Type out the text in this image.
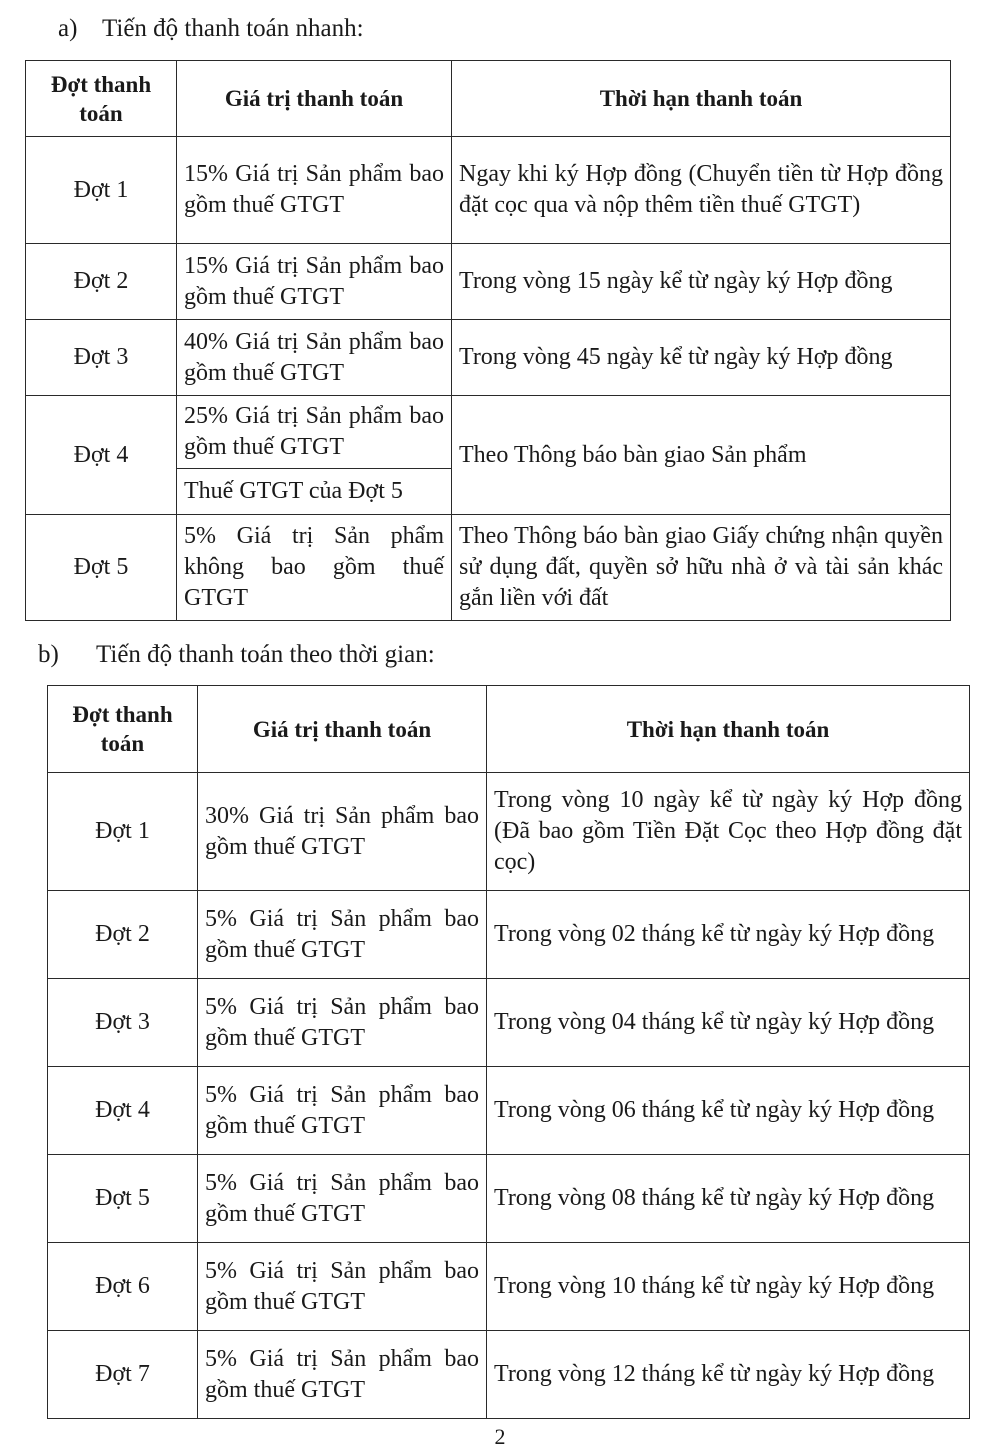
a) Tiến độ thanh toán nhanh:
Đợt thanh toán	Giá trị thanh toán	Thời hạn thanh toán
Đợt 1	15% Giá trị Sản phẩm bao gồm thuế GTGT	Ngay khi ký Hợp đồng (Chuyển tiền từ Hợp đồng đặt cọc qua và nộp thêm tiền thuế GTGT)
Đợt 2	15% Giá trị Sản phẩm bao gồm thuế GTGT	Trong vòng 15 ngày kể từ ngày ký Hợp đồng
Đợt 3	40% Giá trị Sản phẩm bao gồm thuế GTGT	Trong vòng 45 ngày kể từ ngày ký Hợp đồng
Đợt 4	25% Giá trị Sản phẩm bao gồm thuế GTGT	Theo Thông báo bàn giao Sản phẩm
	Thuế GTGT của Đợt 5	
Đợt 5	5% Giá trị Sản phẩm không bao gồm thuế GTGT	Theo Thông báo bàn giao Giấy chứng nhận quyền sử dụng đất, quyền sở hữu nhà ở và tài sản khác gắn liền với đất
b) Tiến độ thanh toán theo thời gian:
Đợt thanh toán	Giá trị thanh toán	Thời hạn thanh toán
Đợt 1	30% Giá trị Sản phẩm bao gồm thuế GTGT	Trong vòng 10 ngày kể từ ngày ký Hợp đồng (Đã bao gồm Tiền Đặt Cọc theo Hợp đồng đặt cọc)
Đợt 2	5% Giá trị Sản phẩm bao gồm thuế GTGT	Trong vòng 02 tháng kể từ ngày ký Hợp đồng
Đợt 3	5% Giá trị Sản phẩm bao gồm thuế GTGT	Trong vòng 04 tháng kể từ ngày ký Hợp đồng
Đợt 4	5% Giá trị Sản phẩm bao gồm thuế GTGT	Trong vòng 06 tháng kể từ ngày ký Hợp đồng
Đợt 5	5% Giá trị Sản phẩm bao gồm thuế GTGT	Trong vòng 08 tháng kể từ ngày ký Hợp đồng
Đợt 6	5% Giá trị Sản phẩm bao gồm thuế GTGT	Trong vòng 10 tháng kể từ ngày ký Hợp đồng
Đợt 7	5% Giá trị Sản phẩm bao gồm thuế GTGT	Trong vòng 12 tháng kể từ ngày ký Hợp đồng
2
